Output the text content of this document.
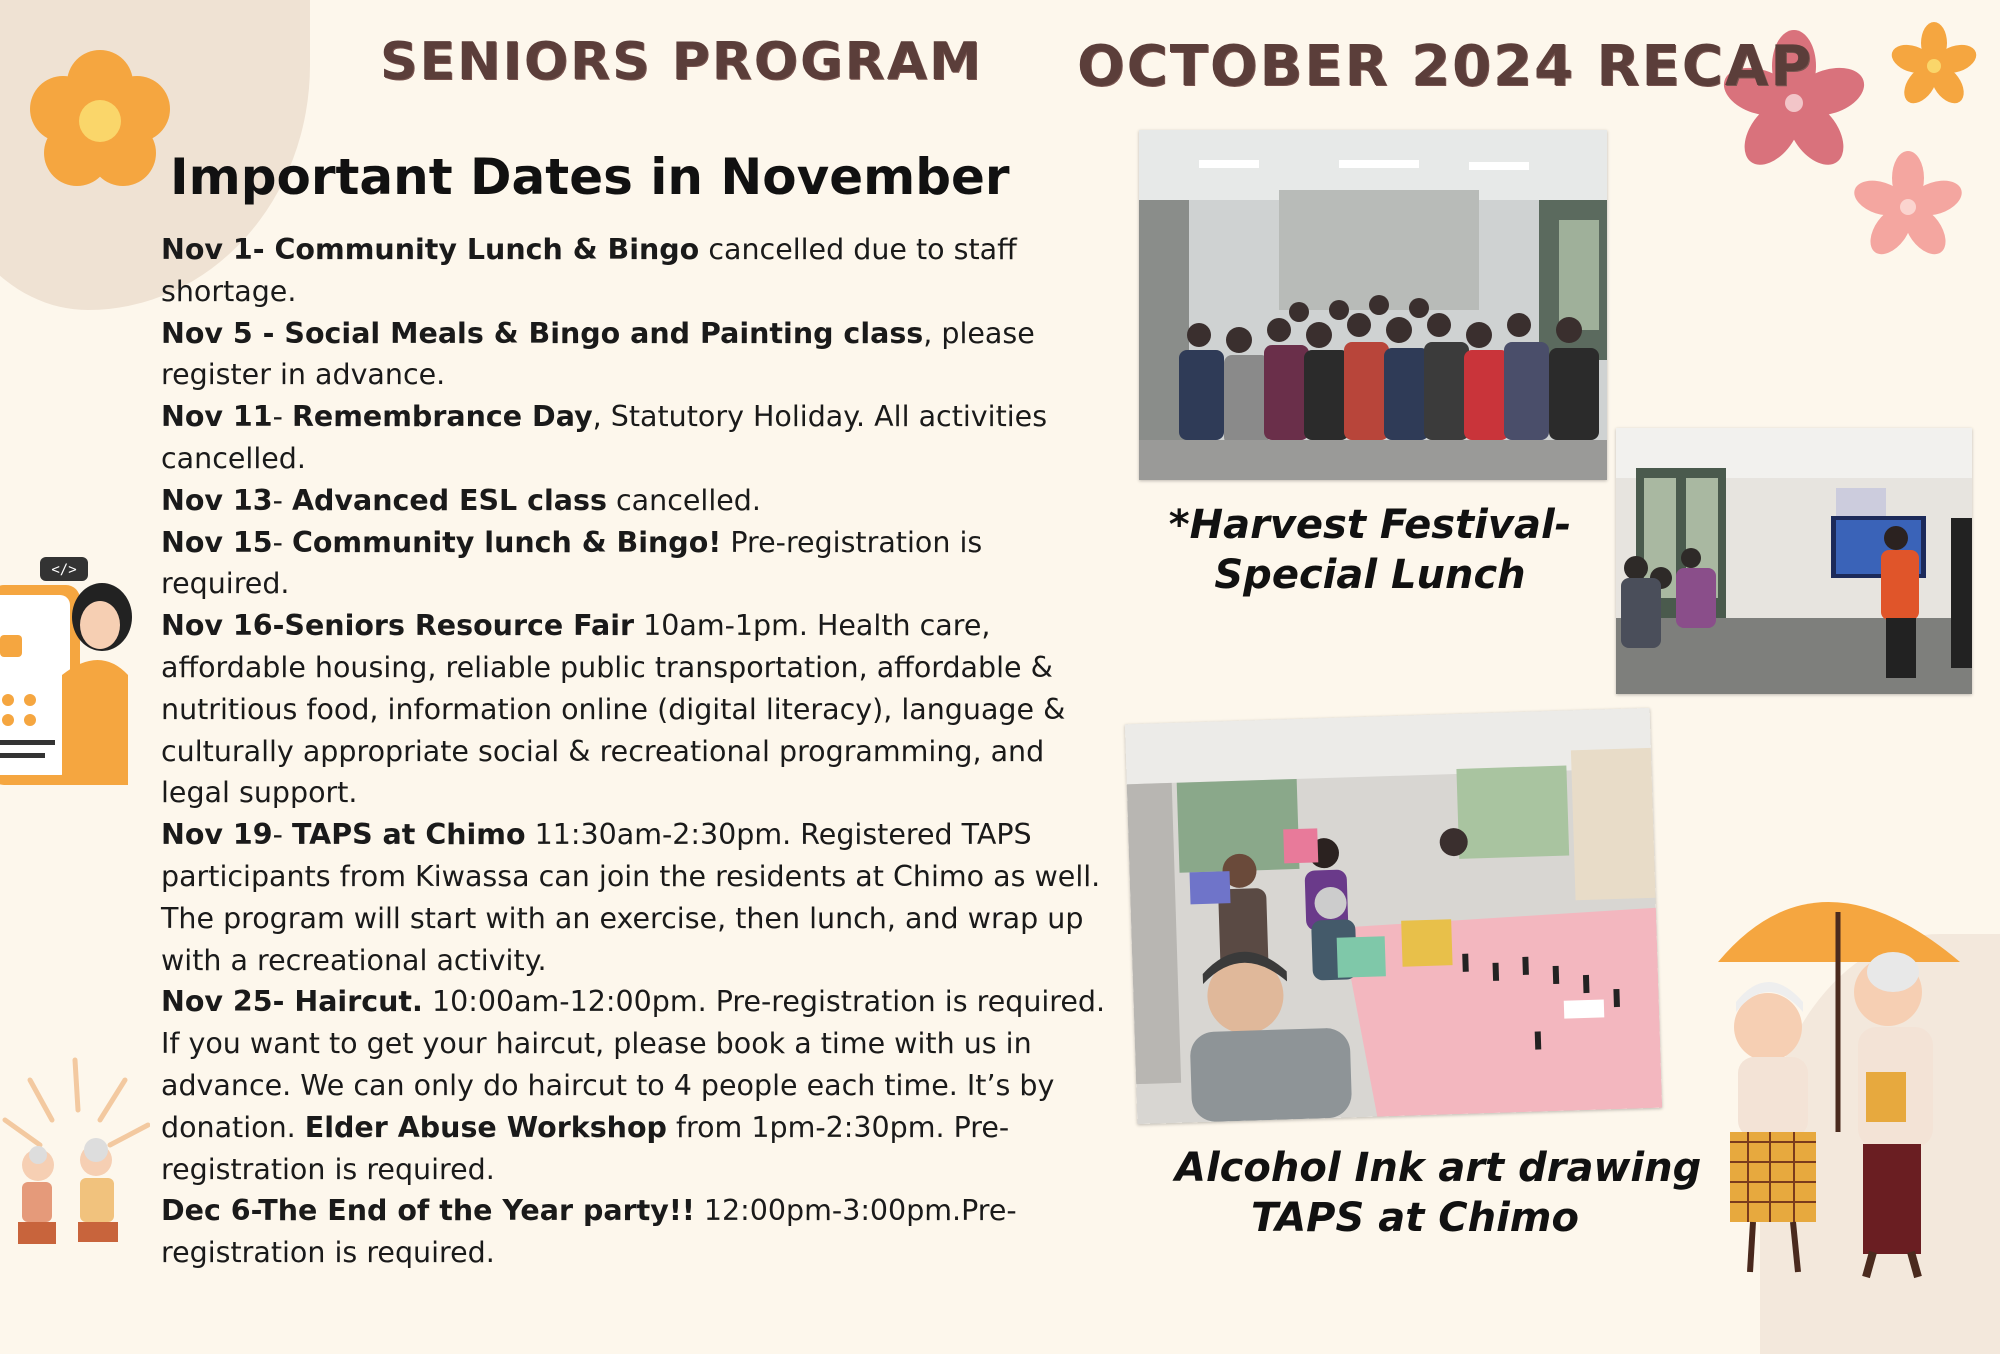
</>
SENIORS PROGRAM OCTOBER 2024 RECAP
Important Dates in November
Nov 1- Community Lunch & Bingo cancelled due to staff shortage.
Nov 5 - Social Meals & Bingo and Painting class, please register in advance.
Nov 11- Remembrance Day, Statutory Holiday. All activities cancelled.
Nov 13- Advanced ESL class cancelled.
Nov 15- Community lunch & Bingo! Pre-registration is required.
Nov 16-Seniors Resource Fair 10am-1pm. Health care, affordable housing, reliable public transportation, affordable & nutritious food, information online (digital literacy), language & culturally appropriate social & recreational programming, and legal support.
Nov 19- TAPS at Chimo 11:30am-2:30pm. Registered TAPS participants from Kiwassa can join the residents at Chimo as well. The program will start with an exercise, then lunch, and wrap up with a recreational activity.
Nov 25- Haircut. 10:00am-12:00pm. Pre-registration is required. If you want to get your haircut, please book a time with us in advance. We can only do haircut to 4 people each time. It’s by donation. Elder Abuse Workshop from 1pm-2:30pm. Pre-registration is required.
Dec 6-The End of the Year party!! 12:00pm-3:00pm.Pre-registration is required.
*Harvest Festival-
Special Lunch
Alcohol Ink art drawing
TAPS at Chimo
